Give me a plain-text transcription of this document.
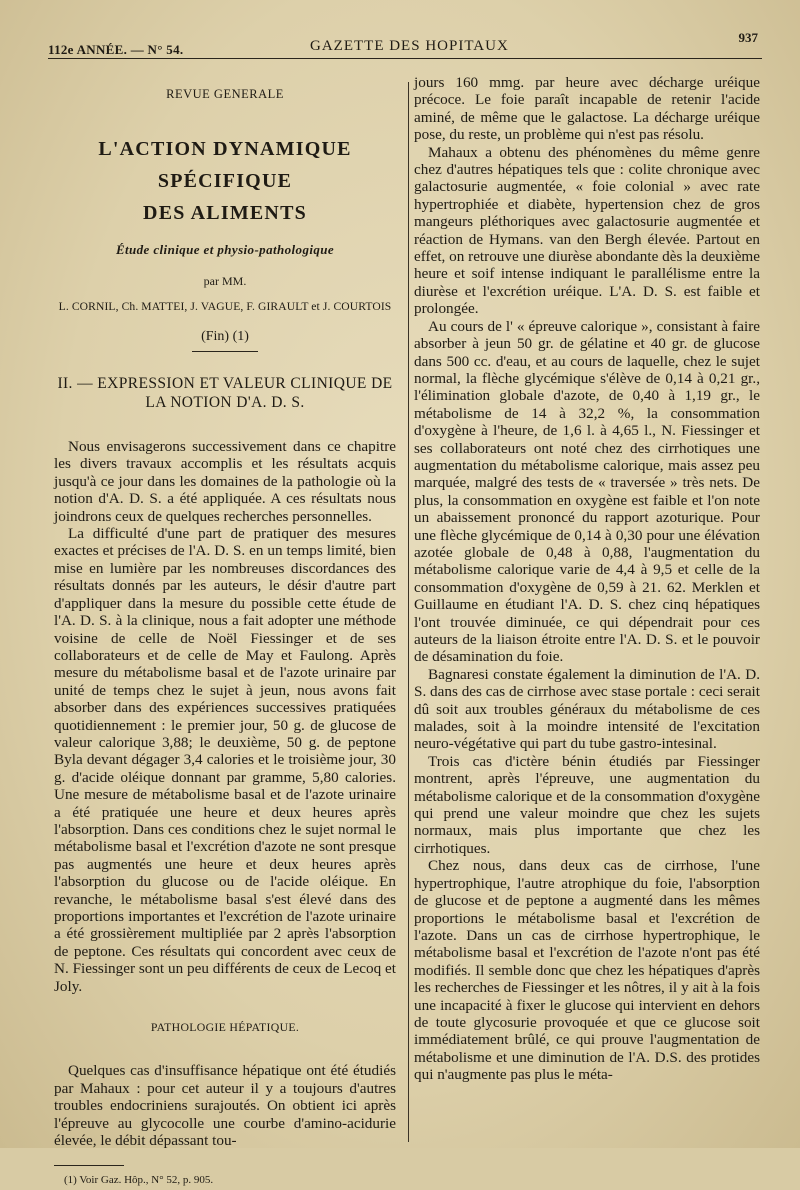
112e ANNÉE. — N° 54.	GAZETTE DES HOPITAUX
937
REVUE GENERALE
L'ACTION DYNAMIQUE SPÉCIFIQUE
DES ALIMENTS
Étude clinique et physio-pathologique
par MM.
L. CORNIL, Ch. MATTEI, J. VAGUE, F. GIRAULT et J. COURTOIS
(Fin) (1)
II. — EXPRESSION ET VALEUR CLINIQUE DE LA NOTION D'A. D. S.

Nous envisagerons successivement dans ce chapitre les divers travaux accomplis et les résultats acquis jusqu'à ce jour dans les domaines de la pathologie où la notion d'A. D. S. a été appliquée. A ces résultats nous joindrons ceux de quelques recherches personnelles.

La difficulté d'une part de pratiquer des mesures exactes et précises de l'A. D. S. en un temps limité, bien mise en lumière par les nombreuses discordances des résultats donnés par les auteurs, le désir d'autre part d'appliquer dans la mesure du possible cette étude de l'A. D. S. à la clinique, nous a fait adopter une méthode voisine de celle de Noël Fiessinger et de ses collaborateurs et de celle de May et Faulong. Après mesure du métabolisme basal et de l'azote urinaire par unité de temps chez le sujet à jeun, nous avons fait absorber dans des expériences successives pratiquées quotidiennement : le premier jour, 50 g. de glucose de valeur calorique 3,88; le deuxième, 50 g. de peptone Byla devant dégager 3,4 calories et le troisième jour, 30 g. d'acide oléique donnant par gramme, 5,80 calories. Une mesure de métabolisme basal et de l'azote urinaire a été pratiquée une heure et deux heures après l'absorption. Dans ces conditions chez le sujet normal le métabolisme basal et l'excrétion d'azote ne sont presque pas augmentés une heure et deux heures après l'absorption du glucose ou de l'acide oléique. En revanche, le métabolisme basal s'est élevé dans des proportions importantes et l'excrétion de l'azote urinaire a été grossièrement multipliée par 2 après l'absorption de peptone. Ces résultats qui concordent avec ceux de N. Fiessinger sont un peu différents de ceux de Lecoq et Joly.

PATHOLOGIE HÉPATIQUE.

Quelques cas d'insuffisance hépatique ont été étudiés par Mahaux : pour cet auteur il y a toujours d'autres troubles endocriniens surajoutés. On obtient ici après l'épreuve au glycocolle une courbe d'amino-acidurie élevée, le débit dépassant tou-

(1) Voir Gaz. Hôp., N° 52, p. 905.

jours 160 mmg. par heure avec décharge uréique précoce. Le foie paraît incapable de retenir l'acide aminé, de même que le galactose. La décharge uréique pose, du reste, un problème qui n'est pas résolu.

Mahaux a obtenu des phénomènes du même genre chez d'autres hépatiques tels que : colite chronique avec galactosurie augmentée, « foie colonial » avec rate hypertrophiée et diabète, hypertension chez de gros mangeurs pléthoriques avec galactosurie augmentée et réaction de Hymans. van den Bergh élevée. Partout en effet, on retrouve une diurèse abondante dès la deuxième heure et soif intense indiquant le parallélisme entre la diurèse et l'excrétion uréique. L'A. D. S. est faible et prolongée.

Au cours de l' « épreuve calorique », consistant à faire absorber à jeun 50 gr. de gélatine et 40 gr. de glucose dans 500 cc. d'eau, et au cours de laquelle, chez le sujet normal, la flèche glycémique s'élève de 0,14 à 0,21 gr., l'élimination globale d'azote, de 0,40 à 1,19 gr., le métabolisme de 14 à 32,2 %, la consommation d'oxygène à l'heure, de 1,6 l. à 4,65 l., N. Fiessinger et ses collaborateurs ont noté chez des cirrhotiques une augmentation du métabolisme calorique, mais assez peu marquée, malgré des tests de « traversée » très nets. De plus, la consommation en oxygène est faible et l'on note un abaissement prononcé du rapport azoturique. Pour une flèche glycémique de 0,14 à 0,30 pour une élévation azotée globale de 0,48 à 0,88, l'augmentation du métabolisme calorique varie de 4,4 à 9,5 et celle de la consommation d'oxygène de 0,59 à 21. 62. Merklen et Guillaume en étudiant l'A. D. S. chez cinq hépatiques l'ont trouvée diminuée, ce qui dépendrait pour ces auteurs de la liaison étroite entre l'A. D. S. et le pouvoir de désamination du foie.

Bagnaresi constate également la diminution de l'A. D. S. dans des cas de cirrhose avec stase portale : ceci serait dû soit aux troubles généraux du métabolisme de ces malades, soit à la moindre intensité de l'excitation neuro-végétative qui part du tube gastro-intesinal.

Trois cas d'ictère bénin étudiés par Fiessinger montrent, après l'épreuve, une augmentation du métabolisme calorique et de la consommation d'oxygène qui prend une valeur moindre que chez les sujets normaux, mais plus importante que chez les cirrhotiques.

Chez nous, dans deux cas de cirrhose, l'une hypertrophique, l'autre atrophique du foie, l'absorption de glucose et de peptone a augmenté dans les mêmes proportions le métabolisme basal et l'excrétion de l'azote. Dans un cas de cirrhose hypertrophique, le métabolisme basal et l'excrétion de l'azote n'ont pas été modifiés. Il semble donc que chez les hépatiques d'après les recherches de Fiessinger et les nôtres, il y ait à la fois une incapacité à fixer le glucose qui intervient en dehors de toute glycosurie provoquée et que ce glucose soit immédiatement brûlé, ce qui prouve l'augmentation de métabolisme et une diminution de l'A. D.S. des protides qui n'augmente pas plus le méta-
